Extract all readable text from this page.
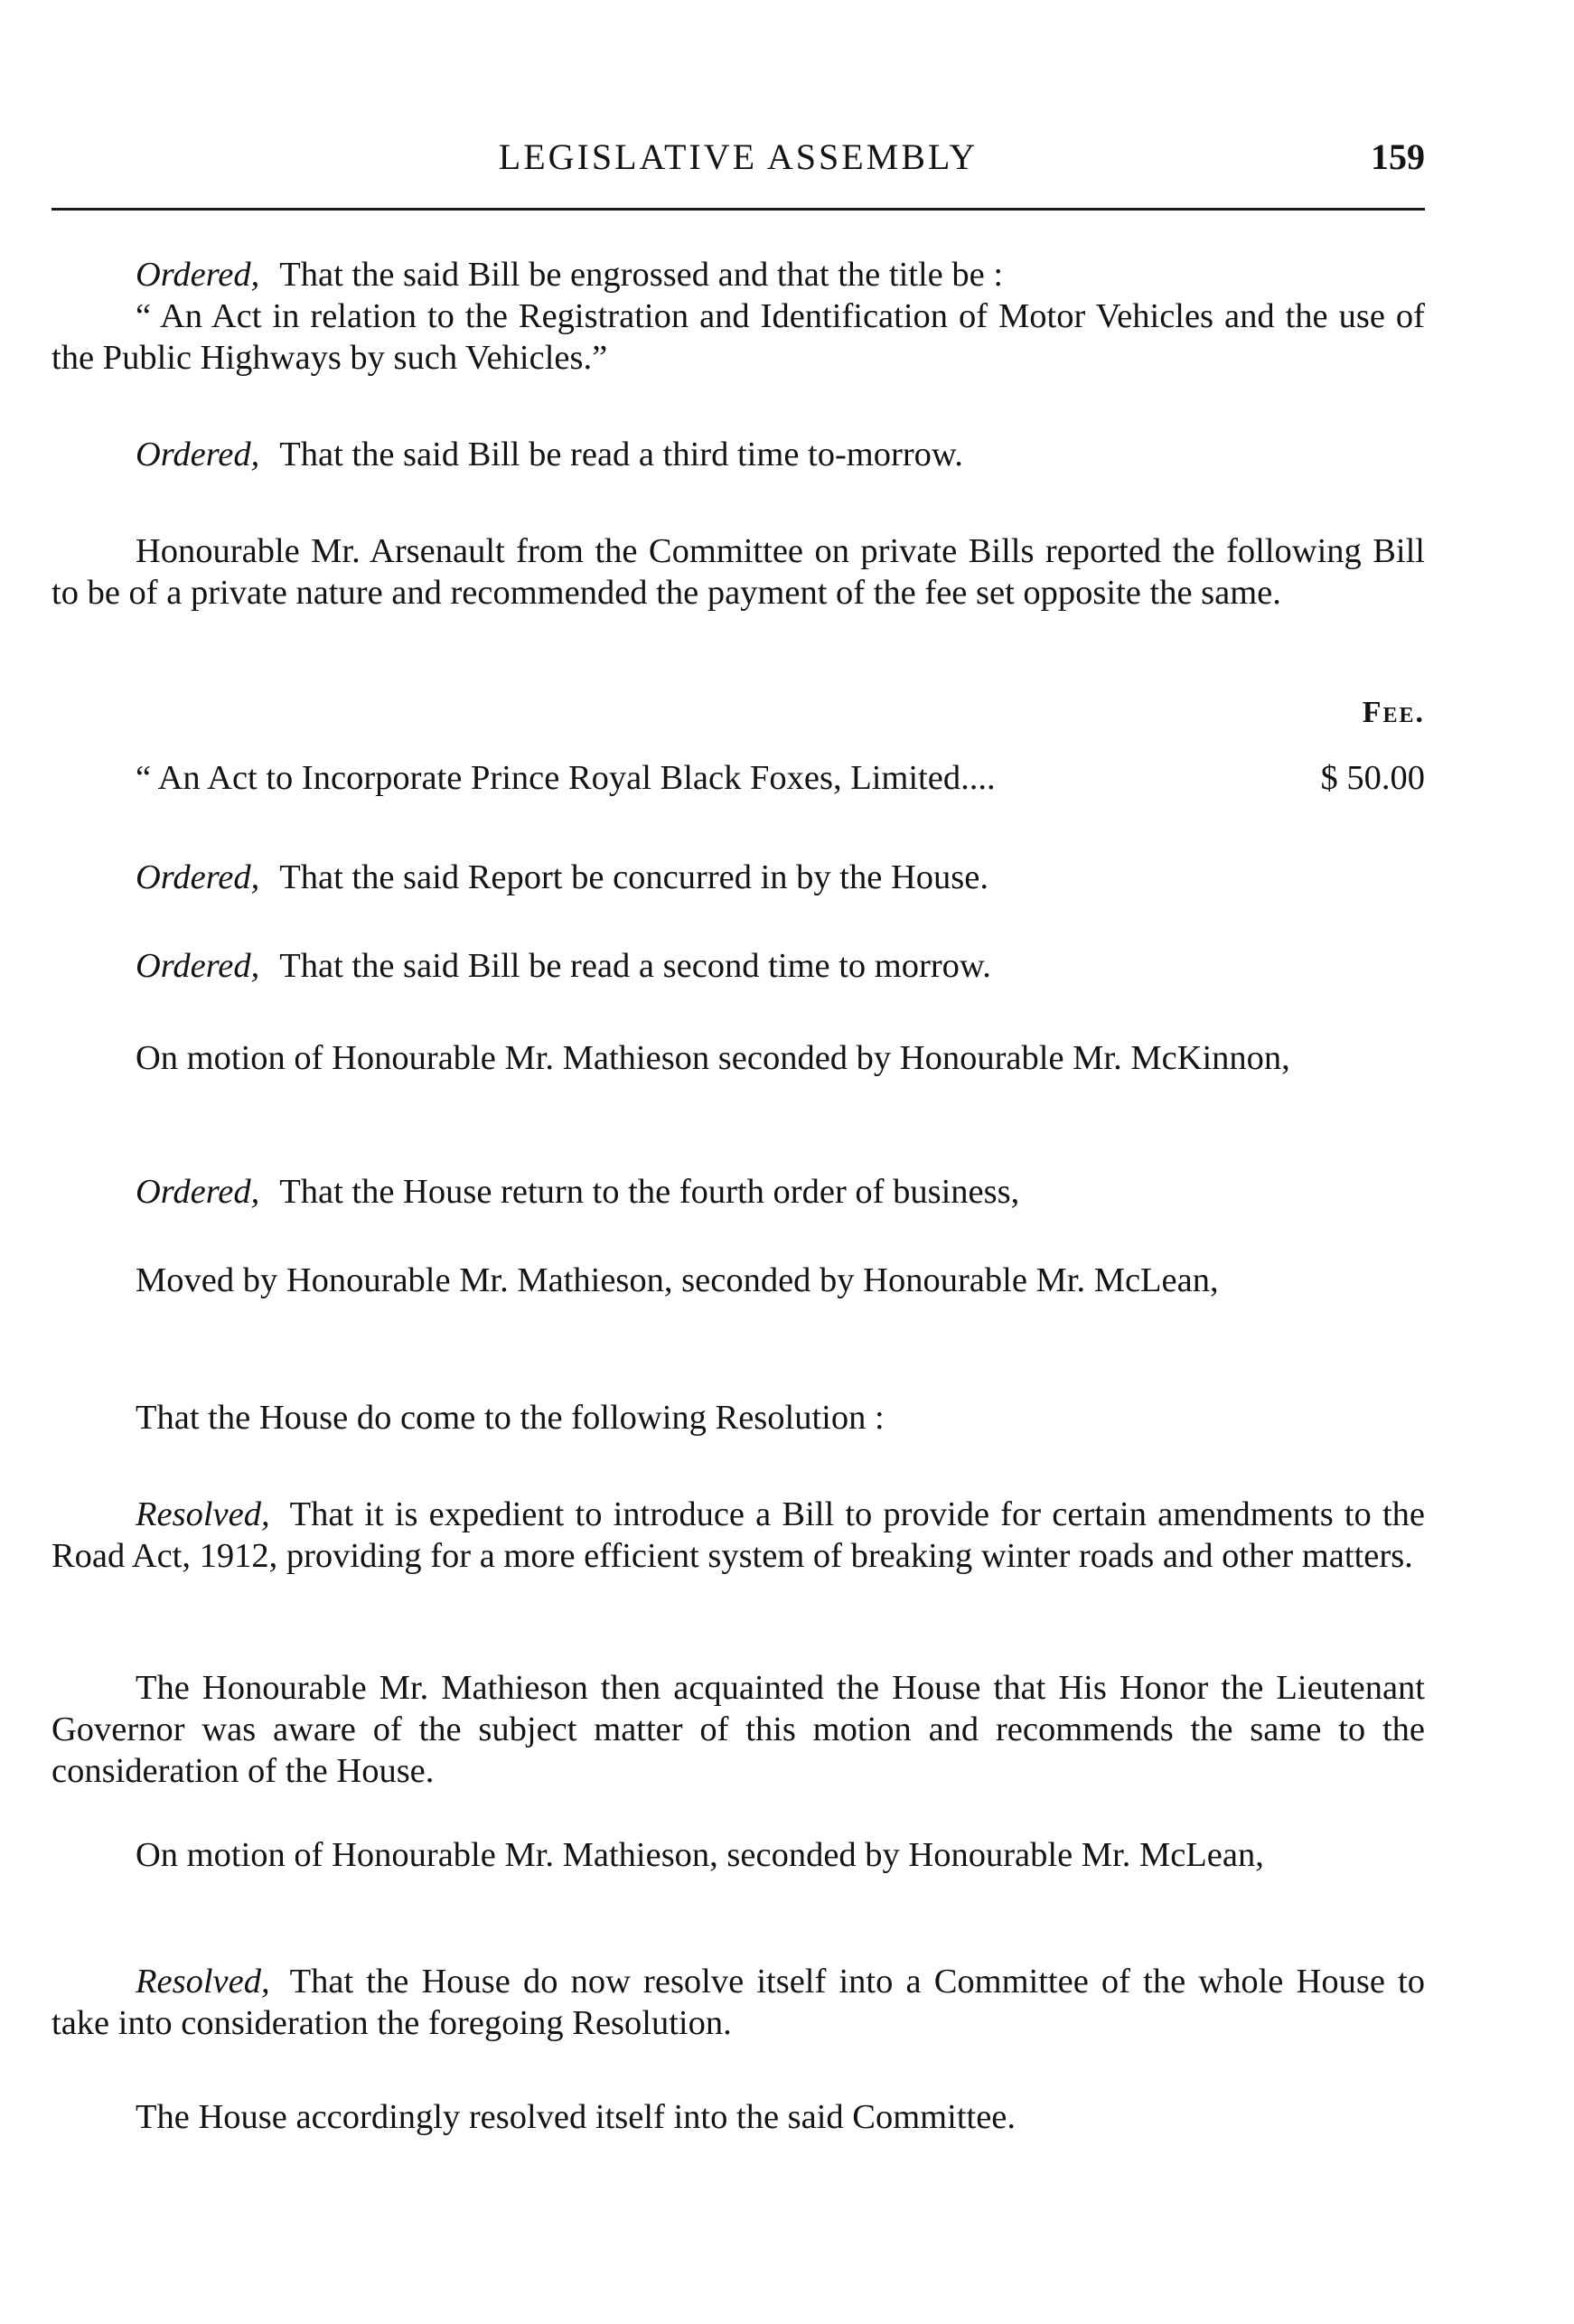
LEGISLATIVE ASSEMBLY	159
Ordered, That the said Bill be engrossed and that the title be :
“ An Act in relation to the Registration and Identification of Motor Vehicles and the use of the Public Highways by such Vehicles.”
Ordered, That the said Bill be read a third time to-morrow.
Honourable Mr. Arsenault from the Committee on private Bills reported the following Bill to be of a private nature and recommended the payment of the fee set opposite the same.
Fee.
“ An Act to Incorporate Prince Royal Black Foxes, Limited....	$ 50.00
Ordered, That the said Report be concurred in by the House.
Ordered, That the said Bill be read a second time to morrow.
On motion of Honourable Mr. Mathieson seconded by Honourable Mr. McKinnon,
Ordered, That the House return to the fourth order of business,
Moved by Honourable Mr. Mathieson, seconded by Honourable Mr. McLean,
That the House do come to the following Resolution :
Resolved, That it is expedient to introduce a Bill to provide for certain amendments to the Road Act, 1912, providing for a more efficient system of breaking winter roads and other matters.
The Honourable Mr. Mathieson then acquainted the House that His Honor the Lieutenant Governor was aware of the subject matter of this motion and recommends the same to the consideration of the House.
On motion of Honourable Mr. Mathieson, seconded by Honourable Mr. McLean,
Resolved, That the House do now resolve itself into a Committee of the whole House to take into consideration the foregoing Resolution.
The House accordingly resolved itself into the said Committee.
